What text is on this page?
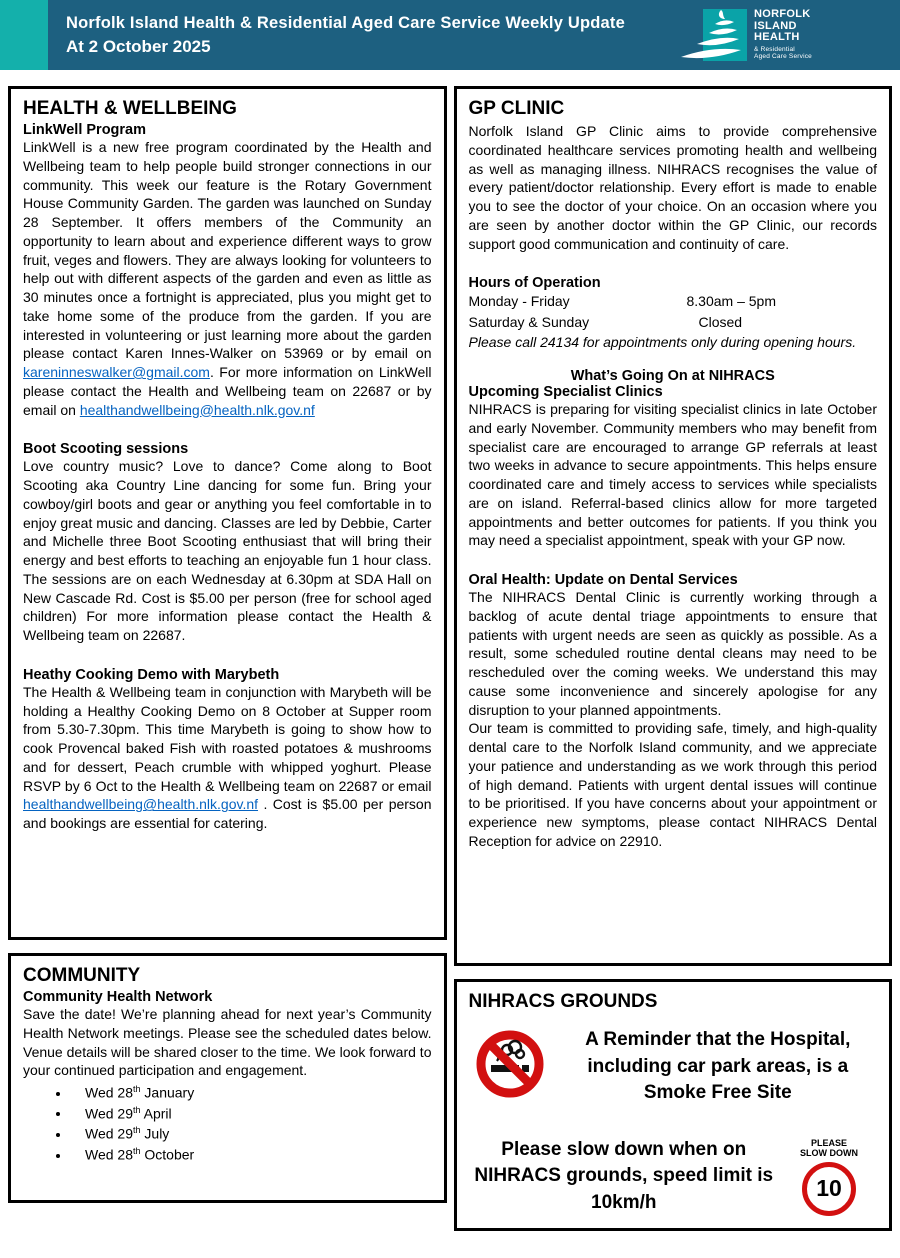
Norfolk Island Health & Residential Aged Care Service Weekly Update
At 2 October 2025
NORFOLK
ISLAND
HEALTH
& Residential
Aged Care Service
HEALTH & WELLBEING
LinkWell Program

LinkWell is a new free program coordinated by the Health and Wellbeing team to help people build stronger connections in our community. This week our feature is the Rotary Government House Community Garden. The garden was launched on Sunday 28 September. It offers members of the Community an opportunity to learn about and experience different ways to grow fruit, veges and flowers. They are always looking for volunteers to help out with different aspects of the garden and even as little as 30 minutes once a fortnight is appreciated, plus you might get to take home some of the produce from the garden. If you are interested in volunteering or just learning more about the garden please contact Karen Innes-Walker on 53969 or by email on kareninneswalker@gmail.com. For more information on LinkWell please contact the Health and Wellbeing team on 22687 or by email on healthandwellbeing@health.nlk.gov.nf

Boot Scooting sessions

Love country music? Love to dance? Come along to Boot Scooting aka Country Line dancing for some fun. Bring your cowboy/girl boots and gear or anything you feel comfortable in to enjoy great music and dancing. Classes are led by Debbie, Carter and Michelle three Boot Scooting enthusiast that will bring their energy and best efforts to teaching an enjoyable fun 1 hour class. The sessions are on each Wednesday at 6.30pm at SDA Hall on New Cascade Rd. Cost is $5.00 per person (free for school aged children) For more information please contact the Health & Wellbeing team on 22687.

Heathy Cooking Demo with Marybeth

The Health & Wellbeing team in conjunction with Marybeth will be holding a Healthy Cooking Demo on 8 October at Supper room from 5.30-7.30pm. This time Marybeth is going to show how to cook Provencal baked Fish with roasted potatoes & mushrooms and for dessert, Peach crumble with whipped yoghurt. Please RSVP by 6 Oct to the Health & Wellbeing team on 22687 or email healthandwellbeing@health.nlk.gov.nf . Cost is $5.00 per person and bookings are essential for catering.

COMMUNITY
Community Health Network

Save the date! We’re planning ahead for next year’s Community Health Network meetings. Please see the scheduled dates below. Venue details will be shared closer to the time. We look forward to your continued participation and engagement.

• Wed 28th January
• Wed 29th April
• Wed 29th July
• Wed 28th October
GP CLINIC

Norfolk Island GP Clinic aims to provide comprehensive coordinated healthcare services promoting health and wellbeing as well as managing illness. NIHRACS recognises the value of every patient/doctor relationship. Every effort is made to enable you to see the doctor of your choice. On an occasion where you are seen by another doctor within the GP Clinic, our records support good communication and continuity of care.

Hours of Operation
Monday - Friday	8.30am – 5pm
Saturday & Sunday	Closed

Please call 24134 for appointments only during opening hours.

What’s Going On at NIHRACS
Upcoming Specialist Clinics

NIHRACS is preparing for visiting specialist clinics in late October and early November. Community members who may benefit from specialist care are encouraged to arrange GP referrals at least two weeks in advance to secure appointments. This helps ensure coordinated care and timely access to services while specialists are on island. Referral-based clinics allow for more targeted appointments and better outcomes for patients. If you think you may need a specialist appointment, speak with your GP now.

Oral Health: Update on Dental Services

The NIHRACS Dental Clinic is currently working through a backlog of acute dental triage appointments to ensure that patients with urgent needs are seen as quickly as possible. As a result, some scheduled routine dental cleans may need to be rescheduled over the coming weeks. We understand this may cause some inconvenience and sincerely apologise for any disruption to your planned appointments.

Our team is committed to providing safe, timely, and high-quality dental care to the Norfolk Island community, and we appreciate your patience and understanding as we work through this period of high demand. Patients with urgent dental issues will continue to be prioritised. If you have concerns about your appointment or experience new symptoms, please contact NIHRACS Dental Reception for advice on 22910.

NIHRACS GROUNDS
A Reminder that the Hospital, including car park areas, is a Smoke Free Site
Please slow down when on NIHRACS grounds, speed limit is 10km/h
PLEASE
SLOW DOWN
10
